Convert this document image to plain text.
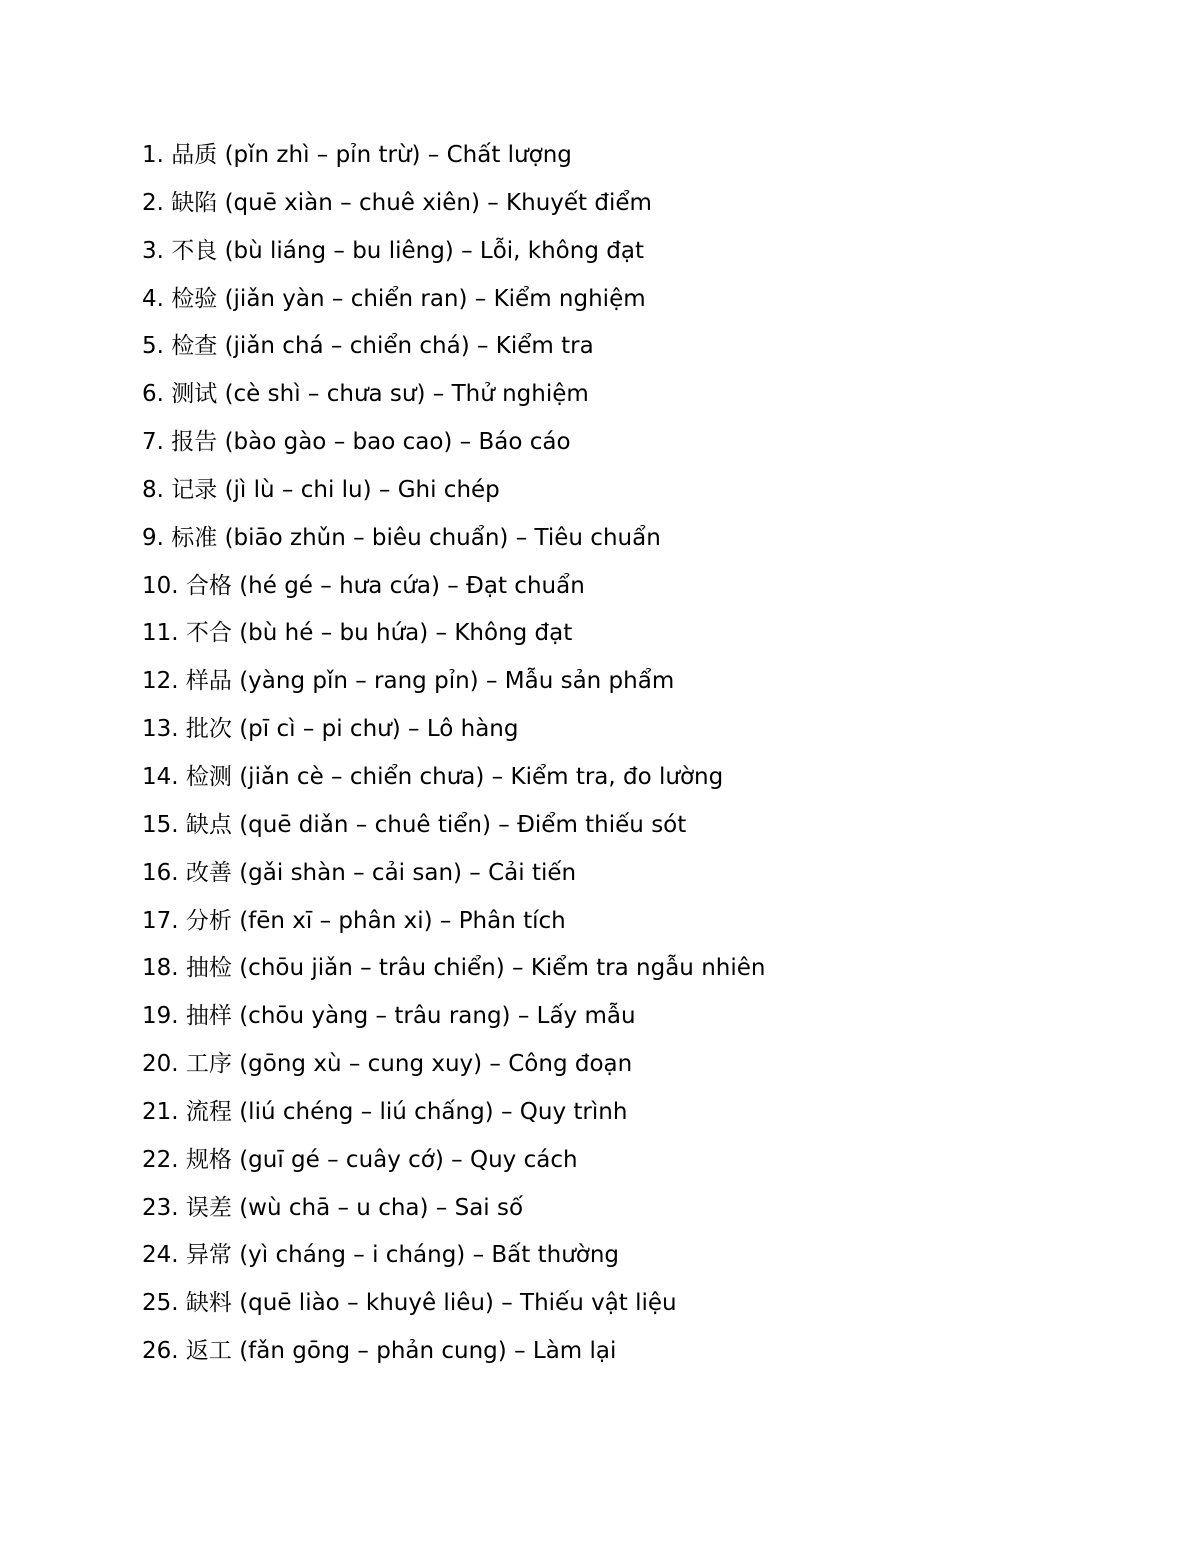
1. 品质 (pǐn zhì – pỉn trừ) – Chất lượng
2. 缺陷 (quē xiàn – chuê xiên) – Khuyết điểm
3. 不良 (bù liáng – bu liêng) – Lỗi, không đạt
4. 检验 (jiǎn yàn – chiển ran) – Kiểm nghiệm
5. 检查 (jiǎn chá – chiển chá) – Kiểm tra
6. 测试 (cè shì – chưa sư) – Thử nghiệm
7. 报告 (bào gào – bao cao) – Báo cáo
8. 记录 (jì lù – chi lu) – Ghi chép
9. 标准 (biāo zhǔn – biêu chuẩn) – Tiêu chuẩn
10. 合格 (hé gé – hưa cứa) – Đạt chuẩn
11. 不合 (bù hé – bu hứa) – Không đạt
12. 样品 (yàng pǐn – rang pỉn) – Mẫu sản phẩm
13. 批次 (pī cì – pi chư) – Lô hàng
14. 检测 (jiǎn cè – chiển chưa) – Kiểm tra, đo lường
15. 缺点 (quē diǎn – chuê tiển) – Điểm thiếu sót
16. 改善 (gǎi shàn – cải san) – Cải tiến
17. 分析 (fēn xī – phân xi) – Phân tích
18. 抽检 (chōu jiǎn – trâu chiển) – Kiểm tra ngẫu nhiên
19. 抽样 (chōu yàng – trâu rang) – Lấy mẫu
20. 工序 (gōng xù – cung xuy) – Công đoạn
21. 流程 (liú chéng – liú chấng) – Quy trình
22. 规格 (guī gé – cuây cớ) – Quy cách
23. 误差 (wù chā – u cha) – Sai số
24. 异常 (yì cháng – i cháng) – Bất thường
25. 缺料 (quē liào – khuyê liêu) – Thiếu vật liệu
26. 返工 (fǎn gōng – phản cung) – Làm lại
